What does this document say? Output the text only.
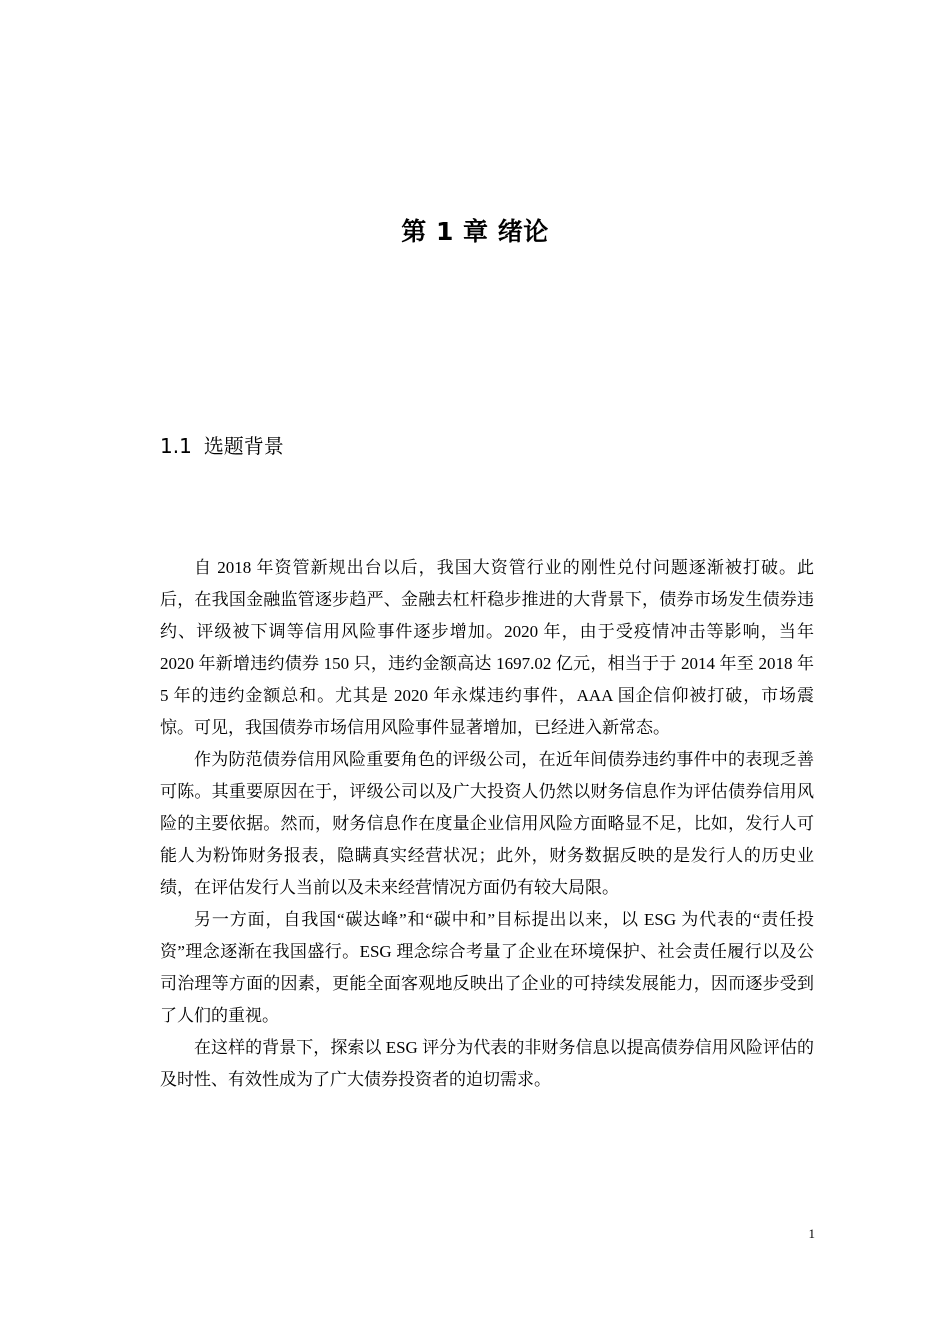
第 1 章 绪论
1.1 选题背景

自 2018 年资管新规出台以后，我国大资管行业的刚性兑付问题逐渐被打破。此后，在我国金融监管逐步趋严、金融去杠杆稳步推进的大背景下，债券市场发生债券违约、评级被下调等信用风险事件逐步增加。2020 年，由于受疫情冲击等影响，当年 2020 年新增违约债券 150 只，违约金额高达 1697.02 亿元，相当于于 2014 年至 2018 年 5 年的违约金额总和。尤其是 2020 年永煤违约事件，AAA 国企信仰被打破，市场震惊。可见，我国债券市场信用风险事件显著增加，已经进入新常态。

作为防范债券信用风险重要角色的评级公司，在近年间债券违约事件中的表现乏善可陈。其重要原因在于，评级公司以及广大投资人仍然以财务信息作为评估债券信用风险的主要依据。然而，财务信息作在度量企业信用风险方面略显不足，比如，发行人可能人为粉饰财务报表，隐瞒真实经营状况；此外，财务数据反映的是发行人的历史业绩，在评估发行人当前以及未来经营情况方面仍有较大局限。

另一方面，自我国“碳达峰”和“碳中和”目标提出以来，以 ESG 为代表的“责任投资”理念逐渐在我国盛行。ESG 理念综合考量了企业在环境保护、社会责任履行以及公司治理等方面的因素，更能全面客观地反映出了企业的可持续发展能力，因而逐步受到了人们的重视。

在这样的背景下，探索以 ESG 评分为代表的非财务信息以提高债券信用风险评估的及时性、有效性成为了广大债券投资者的迫切需求。

1
